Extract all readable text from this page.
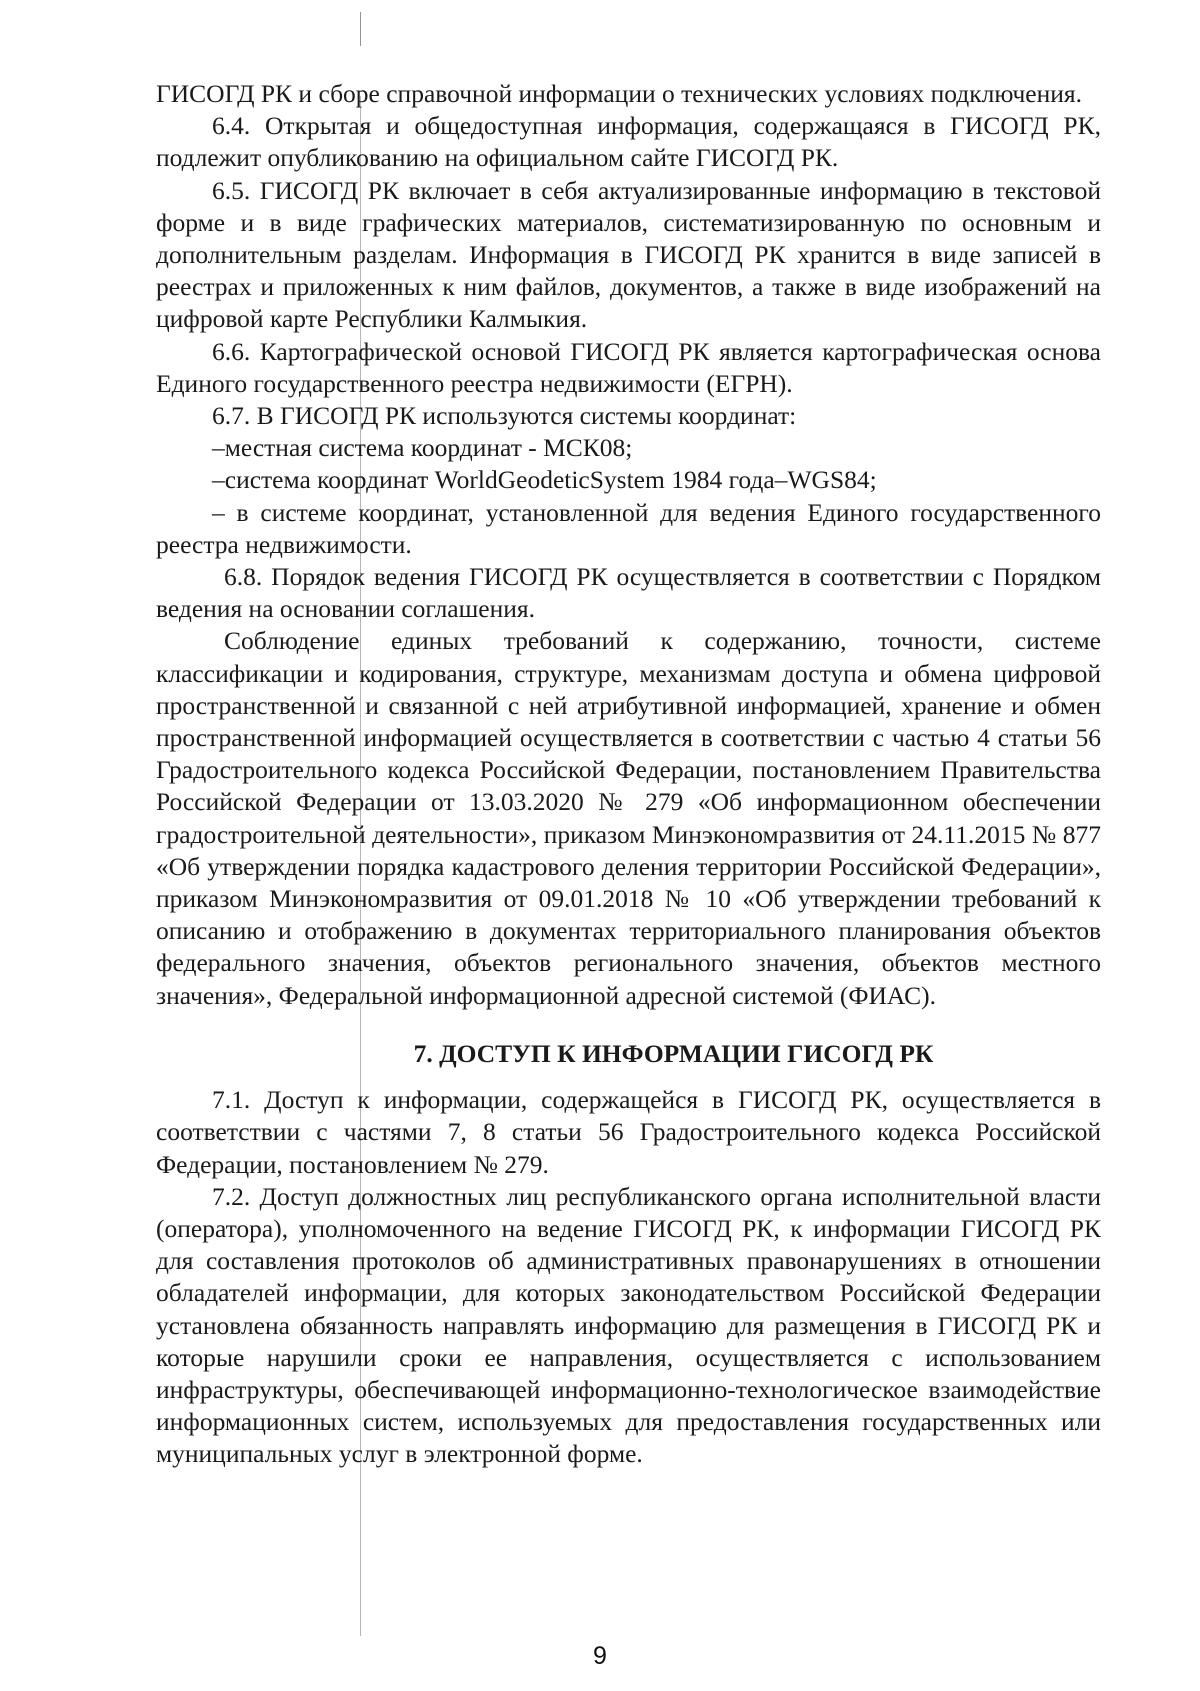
ГИСОГД РК и сборе справочной информации о технических условиях подключения.

6.4. Открытая и общедоступная информация, содержащаяся в ГИСОГД РК, подлежит опубликованию на официальном сайте ГИСОГД РК.

6.5. ГИСОГД РК включает в себя актуализированные информацию в текстовой форме и в виде графических материалов, систематизированную по основным и дополнительным разделам. Информация в ГИСОГД РК хранится в виде записей в реестрах и приложенных к ним файлов, документов, а также в виде изображений на цифровой карте Республики Калмыкия.

6.6. Картографической основой ГИСОГД РК является картографическая основа Единого государственного реестра недвижимости (ЕГРН).

6.7. В ГИСОГД РК используются системы координат:

–местная система координат - МСК08;

–система координат WorldGeodeticSystem 1984 года–WGS84;

– в системе координат, установленной для ведения Единого государственного реестра недвижимости.

6.8. Порядок ведения ГИСОГД РК осуществляется в соответствии с Порядком ведения на основании соглашения.

Соблюдение единых требований к содержанию, точности, системе классификации и кодирования, структуре, механизмам доступа и обмена цифровой пространственной и связанной с ней атрибутивной информацией, хранение и обмен пространственной информацией осуществляется в соответствии с частью 4 статьи 56 Градостроительного кодекса Российской Федерации, постановлением Правительства Российской Федерации от 13.03.2020 № 279 «Об информационном обеспечении градостроительной деятельности», приказом Минэкономразвития от 24.11.2015 № 877 «Об утверждении порядка кадастрового деления территории Российской Федерации», приказом Минэкономразвития от 09.01.2018 № 10 «Об утверждении требований к описанию и отображению в документах территориального планирования объектов федерального значения, объектов регионального значения, объектов местного значения», Федеральной информационной адресной системой (ФИАС).

7. ДОСТУП К ИНФОРМАЦИИ ГИСОГД РК

7.1. Доступ к информации, содержащейся в ГИСОГД РК, осуществляется в соответствии с частями 7, 8 статьи 56 Градостроительного кодекса Российской Федерации, постановлением № 279.

7.2. Доступ должностных лиц республиканского органа исполнительной власти (оператора), уполномоченного на ведение ГИСОГД РК, к информации ГИСОГД РК для составления протоколов об административных правонарушениях в отношении обладателей информации, для которых законодательством Российской Федерации установлена обязанность направлять информацию для размещения в ГИСОГД РК и которые нарушили сроки ее направления, осуществляется с использованием инфраструктуры, обеспечивающей информационно-технологическое взаимодействие информационных систем, используемых для предоставления государственных или муниципальных услуг в электронной форме.

9
